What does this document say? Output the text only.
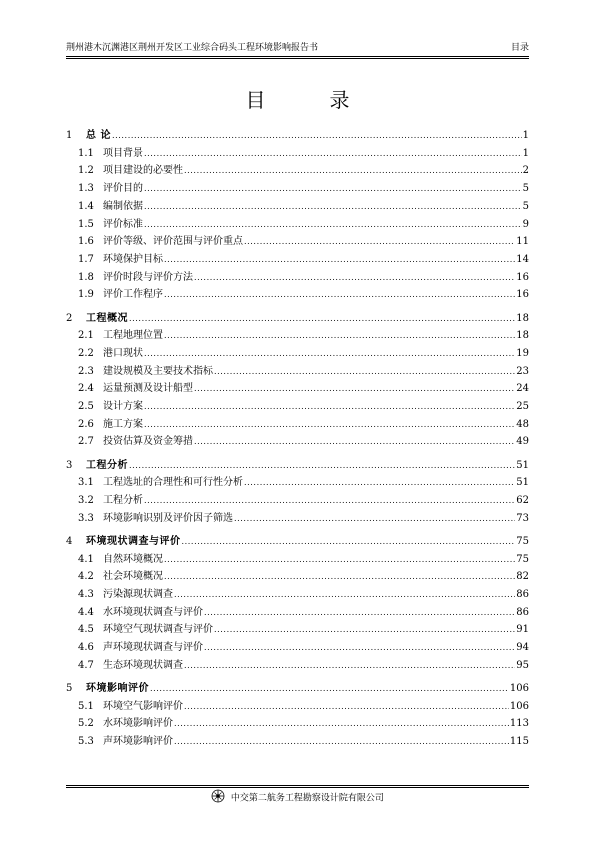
荆州港木沉渊港区荆州开发区工业综合码头工程环境影响报告书	目录
目　录
1	总 论 .....	1
1.1 项目背景 .....	1
1.2 项目建设的必要性 .....	2
1.3 评价目的 .....	5
1.4 编制依据 .....	5
1.5 评价标准 .....	9
1.6 评价等级、评价范围与评价重点 .....	11
1.7 环境保护目标 .....	14
1.8 评价时段与评价方法 .....	16
1.9 评价工作程序 .....	16
2	工程概况 .....	18
2.1 工程地理位置 .....	18
2.2 港口现状 .....	19
2.3 建设规模及主要技术指标 .....	23
2.4 运量预测及设计船型 .....	24
2.5 设计方案 .....	25
2.6 施工方案 .....	48
2.7 投资估算及资金筹措 .....	49
3	工程分析 .....	51
3.1 工程选址的合理性和可行性分析 .....	51
3.2 工程分析 .....	62
3.3 环境影响识别及评价因子筛选 .....	73
4	环境现状调查与评价 .....	75
4.1 自然环境概况 .....	75
4.2 社会环境概况 .....	82
4.3 污染源现状调查 .....	86
4.4 水环境现状调查与评价 .....	86
4.5 环境空气现状调查与评价 .....	91
4.6 声环境现状调查与评价 .....	94
4.7 生态环境现状调查 .....	95
5	环境影响评价 .....	106
5.1 环境空气影响评价 .....	106
5.2 水环境影响评价 .....	113
5.3 声环境影响评价 .....	115
中交第二航务工程勘察设计院有限公司
